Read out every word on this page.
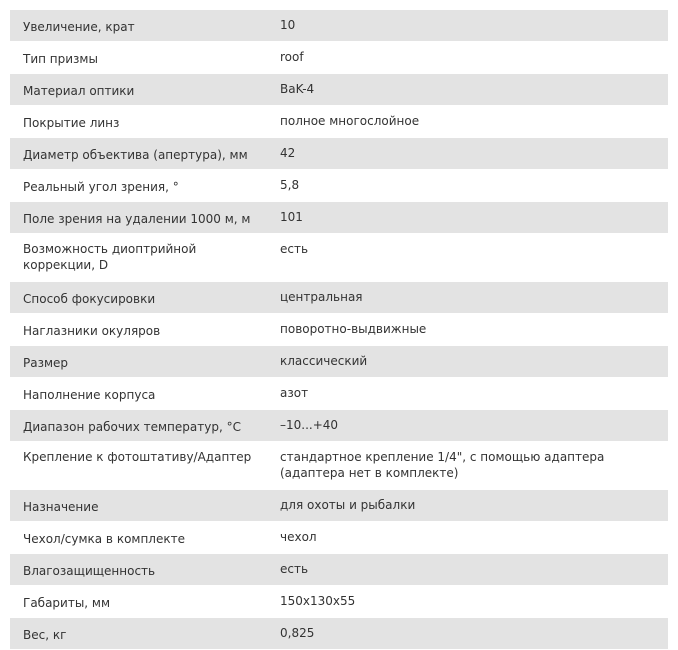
Увеличение, крат	10
Тип призмы	roof
Материал оптики	BaK-4
Покрытие линз	полное многослойное
Диаметр объектива (апертура), мм	42
Реальный угол зрения, °	5,8
Поле зрения на удалении 1000 м, м	101
Возможность диоптрийной коррекции, D	есть
Способ фокусировки	центральная
Наглазники окуляров	поворотно-выдвижные
Размер	классический
Наполнение корпуса	азот
Диапазон рабочих температур, °C	–10...+40
Крепление к фотоштативу/Адаптер	стандартное крепление 1/4", с помощью адаптера (адаптера нет в комплекте)
Назначение	для охоты и рыбалки
Чехол/сумка в комплекте	чехол
Влагозащищенность	есть
Габариты, мм	150x130x55
Вес, кг	0,825
